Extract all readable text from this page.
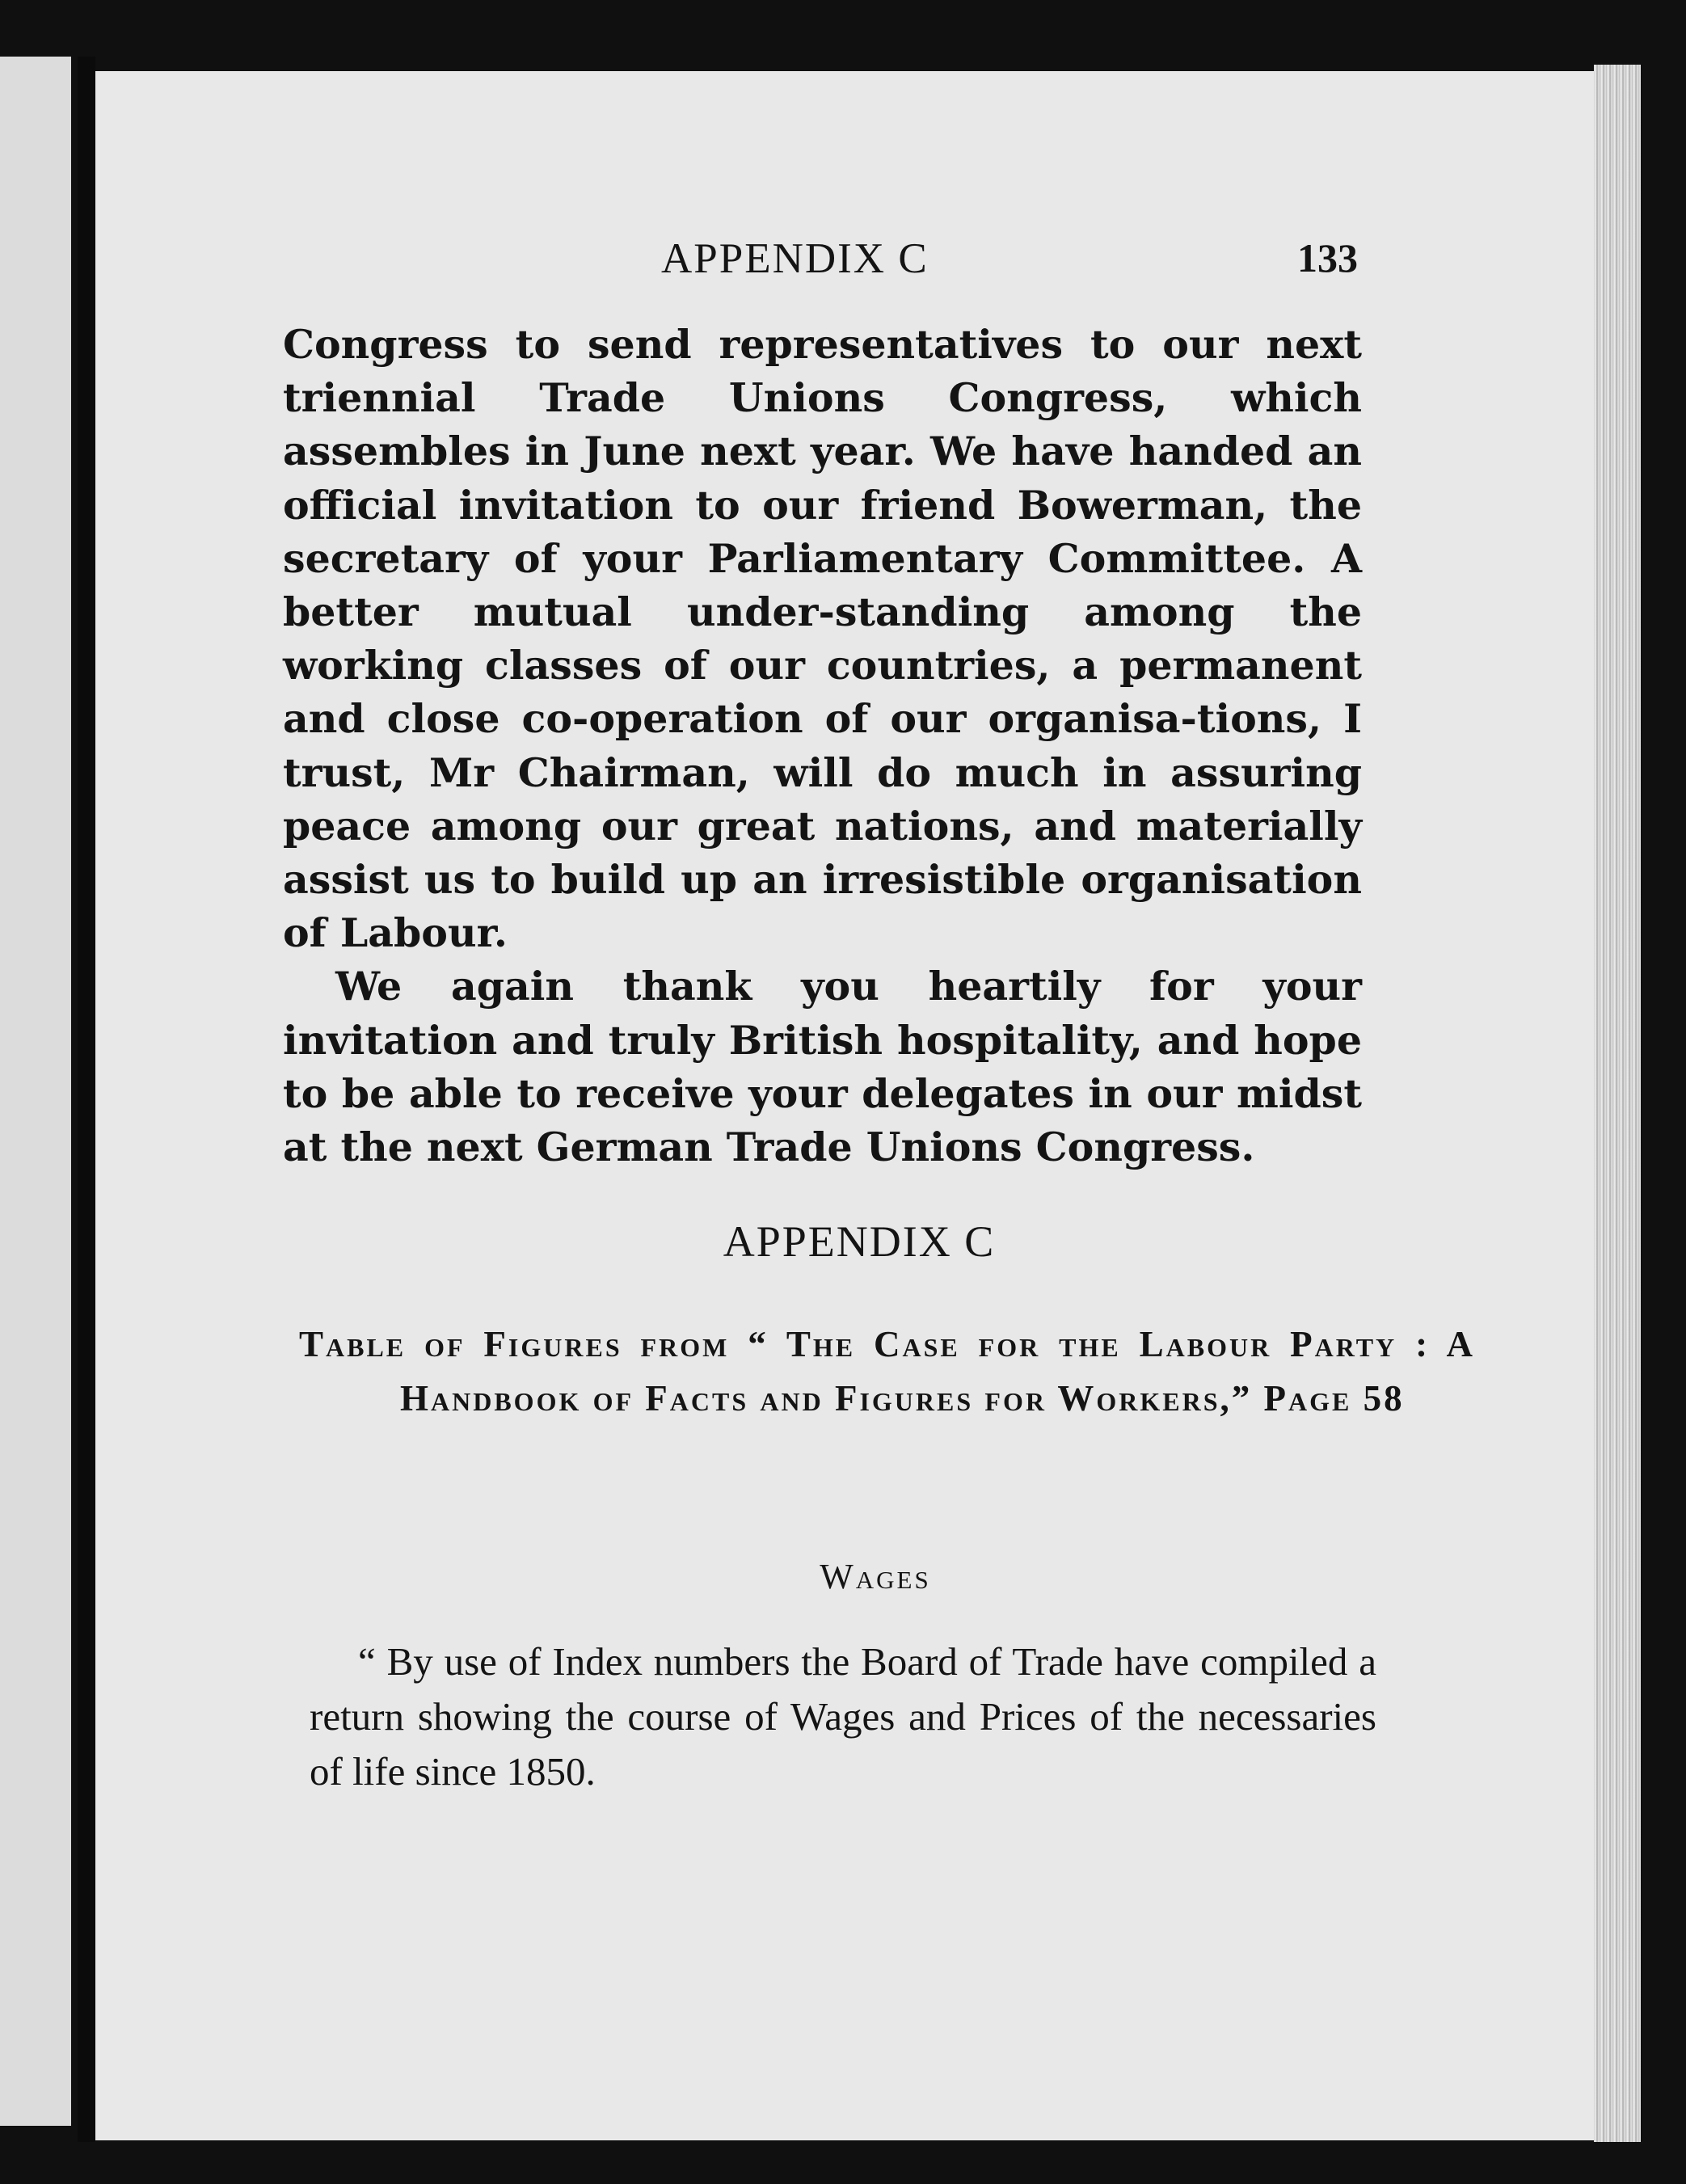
APPENDIX C	133

Congress to send representatives to our next triennial Trade Unions Congress, which assembles in June next year. We have handed an official invitation to our friend Bowerman, the secretary of your Parliamentary Committee. A better mutual under-standing among the working classes of our countries, a permanent and close co-operation of our organisa-tions, I trust, Mr Chairman, will do much in assuring peace among our great nations, and materially assist us to build up an irresistible organisation of Labour.

We again thank you heartily for your invitation and truly British hospitality, and hope to be able to receive your delegates in our midst at the next German Trade Unions Congress.

APPENDIX C
Table of Figures from “ The Case for the Labour Party : A Handbook of Facts and Figures for Workers,” Page 58
Wages
“ By use of Index numbers the Board of Trade have compiled a return showing the course of Wages and Prices of the necessaries of life since 1850.
